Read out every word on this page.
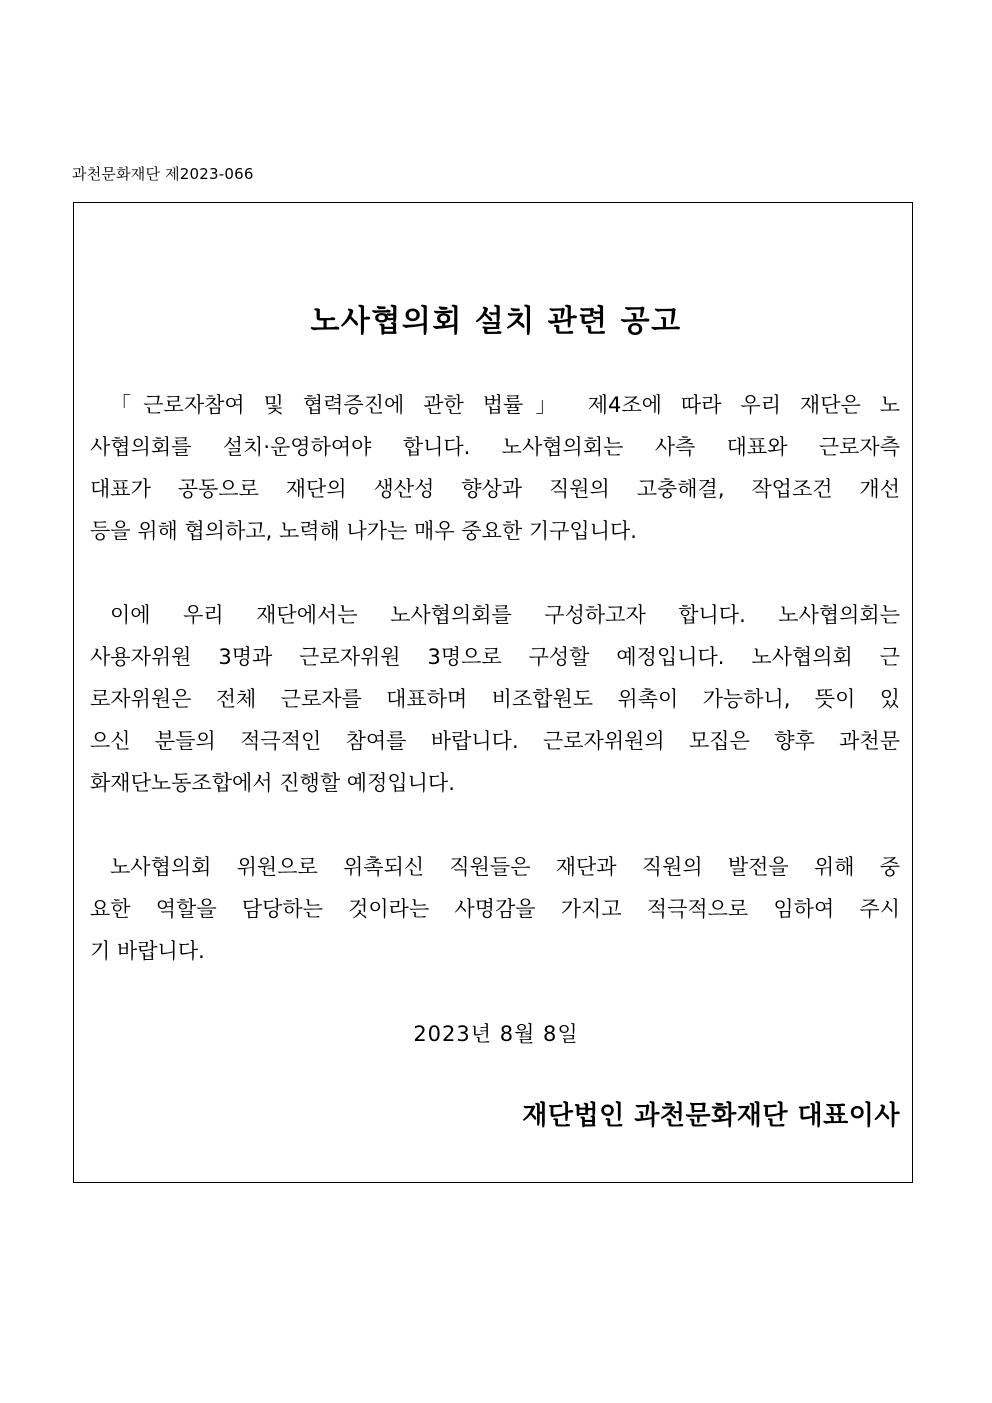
과천문화재단 제2023-066
노사협의회 설치 관련 공고
「근로자참여 및 협력증진에 관한 법률」 제4조에 따라 우리 재단은 노
사협의회를 설치·운영하여야 합니다. 노사협의회는 사측 대표와 근로자측
대표가 공동으로 재단의 생산성 향상과 직원의 고충해결, 작업조건 개선
등을 위해 협의하고, 노력해 나가는 매우 중요한 기구입니다.
이에 우리 재단에서는 노사협의회를 구성하고자 합니다. 노사협의회는
사용자위원 3명과 근로자위원 3명으로 구성할 예정입니다. 노사협의회 근
로자위원은 전체 근로자를 대표하며 비조합원도 위촉이 가능하니, 뜻이 있
으신 분들의 적극적인 참여를 바랍니다. 근로자위원의 모집은 향후 과천문
화재단노동조합에서 진행할 예정입니다.
노사협의회 위원으로 위촉되신 직원들은 재단과 직원의 발전을 위해 중
요한 역할을 담당하는 것이라는 사명감을 가지고 적극적으로 임하여 주시
기 바랍니다.
2023년 8월 8일
재단법인 과천문화재단 대표이사
